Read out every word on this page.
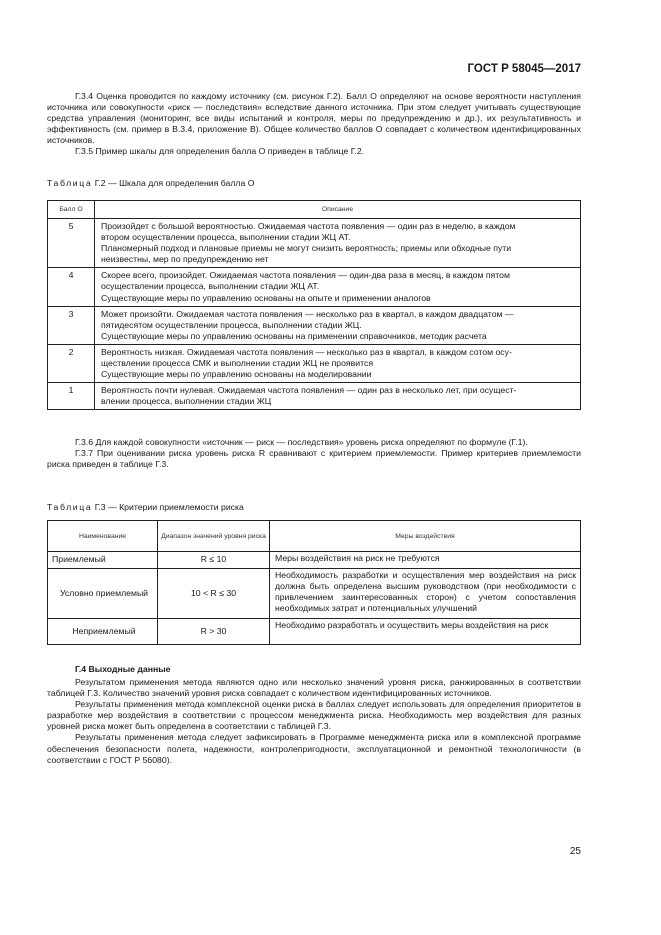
ГОСТ Р 58045—2017

Г.3.4 Оценка проводится по каждому источнику (см. рисунок Г.2). Балл O определяют на основе вероятности наступления источника или совокупности «риск — последствия» вследствие данного источника. При этом следует учитывать существующие средства управления (мониторинг, все виды испытаний и контроля, меры по предупреждению и др.), их результативность и эффективность (см. пример в В.3.4, приложение В). Общее количество баллов O совпадает с количеством идентифицированных источников.

Г.3.5 Пример шкалы для определения балла O приведен в таблице Г.2.

Таблица Г.2 — Шкала для определения балла O
Балл O	Описание
5	Произойдет с большой вероятностью. Ожидаемая частота появления — один раз в неделю, в каждом
втором осуществлении процесса, выполнении стадии ЖЦ АТ.
Планомерный подход и плановые приемы не могут снизить вероятность; приемы или обходные пути
неизвестны, мер по предупреждению нет

4	Скорее всего, произойдет. Ожидаемая частота появления — один-два раза в месяц, в каждом пятом
осуществлении процесса, выполнении стадии ЖЦ АТ.
Существующие меры по управлению основаны на опыте и применении аналогов

3	Может произойти. Ожидаемая частота появления — несколько раз в квартал, в каждом двадцатом —
пятидесятом осуществлении процесса, выполнении стадии ЖЦ.
Существующие меры по управлению основаны на применении справочников, методик расчета

2	Вероятность низкая. Ожидаемая частота появления — несколько раз в квартал, в каждом сотом осу-
ществлении процесса СМК и выполнении стадии ЖЦ не проявится
Существующие меры по управлению основаны на моделировании

1	Вероятность почти нулевая. Ожидаемая частота появления — один раз в несколько лет, при осущест-
влении процесса, выполнении стадии ЖЦ

Г.3.6 Для каждой совокупности «источник — риск — последствия» уровень риска определяют по формуле (Г.1).

Г.3.7 При оценивании риска уровень риска R сравнивают с критерием приемлемости. Пример критериев приемлемости риска приведен в таблице Г.3.

Таблица Г.3 — Критерии приемлемости риска
Наименование	Диапазон значений уровня риска	Меры воздействия
Приемлемый	R ≤ 10	Меры воздействия на риск не требуются
Условно приемлемый	10 < R ≤ 30	Необходимость разработки и осуществления мер воздействия на риск должна быть определена высшим руководством (при необходимости с привлечением заинтересованных сторон) с учетом сопоставления необходимых затрат и потенциальных улучшений
Неприемлемый	R > 30	Необходимо разработать и осуществить меры воздействия на риск
Г.4 Выходные данные

Результатом применения метода являются одно или несколько значений уровня риска, ранжированных в соответствии таблицей Г.3. Количество значений уровня риска совпадает с количеством идентифицированных источников.

Результаты применения метода комплексной оценки риска в баллах следует использовать для определения приоритетов в разработке мер воздействия в соответствии с процессом менеджмента риска. Необходимость мер воздействия для разных уровней риска может быть определена в соответствии с таблицей Г.3.

Результаты применения метода следует зафиксировать в Программе менеджмента риска или в комплексной программе обеспечения безопасности полета, надежности, контролепригодности, эксплуатационной и ремонтной технологичности (в соответствии с ГОСТ Р 56080).

25
